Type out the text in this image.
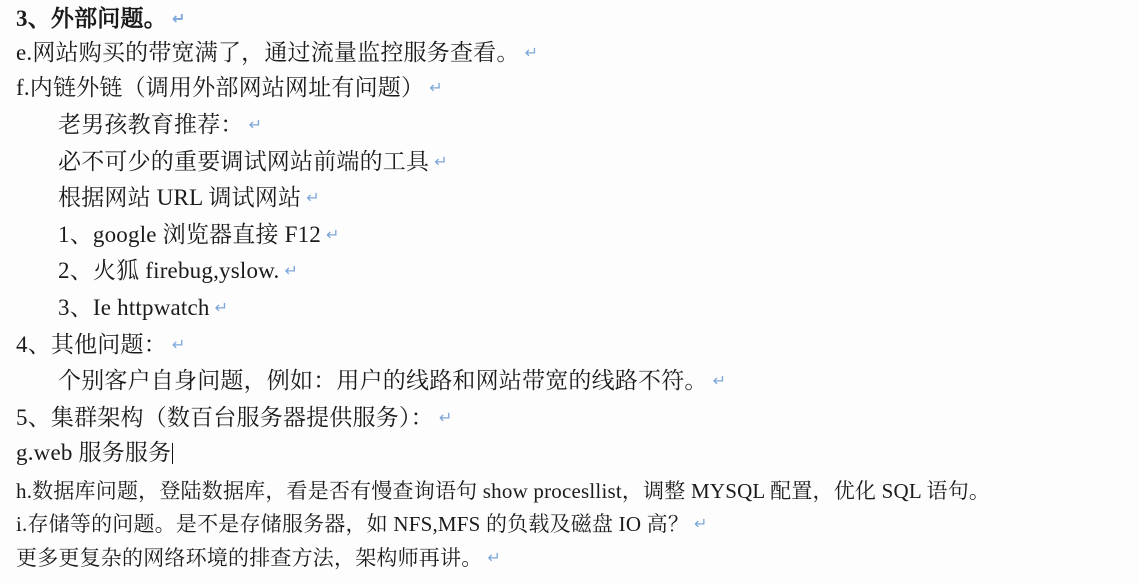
3、外部问题。 ↵
e.网站购买的带宽满了，通过流量监控服务查看。 ↵
f.内链外链（调用外部网站网址有问题） ↵
老男孩教育推荐： ↵
必不可少的重要调试网站前端的工具 ↵
根据网站 URL 调试网站 ↵
1、google 浏览器直接 F12 ↵
2、火狐 firebug,yslow. ↵
3、Ie httpwatch ↵
4、其他问题： ↵
个别客户自身问题，例如：用户的线路和网站带宽的线路不符。 ↵
5、集群架构（数百台服务器提供服务）： ↵
g.web 服务服务
h.数据库问题，登陆数据库，看是否有慢查询语句 show procesllist，调整 MYSQL 配置，优化 SQL 语句。
i.存储等的问题。是不是存储服务器，如 NFS,MFS 的负载及磁盘 IO 高？ ↵
更多更复杂的网络环境的排查方法，架构师再讲。 ↵
